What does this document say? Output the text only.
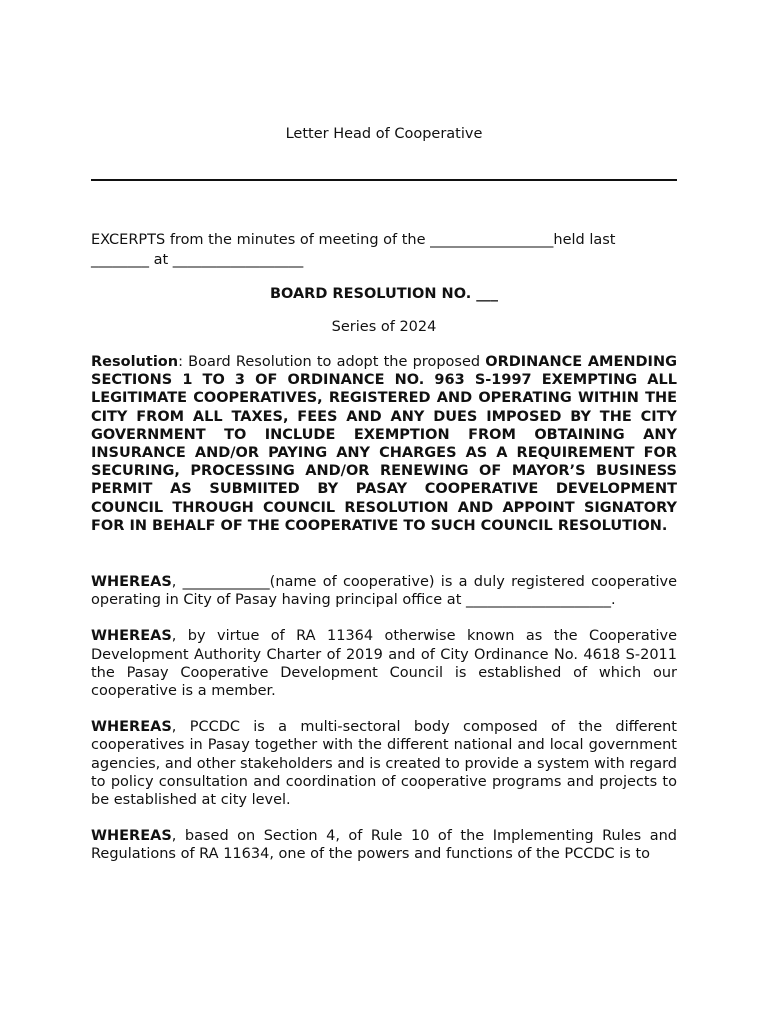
Letter Head of Cooperative

EXCERPTS from the minutes of meeting of the _________________held last
________ at __________________

BOARD RESOLUTION NO. ___

Series of 2024

Resolution: Board Resolution to adopt the proposed ORDINANCE AMENDING SECTIONS 1 TO 3 OF ORDINANCE NO. 963 S-1997 EXEMPTING ALL LEGITIMATE COOPERATIVES, REGISTERED AND OPERATING WITHIN THE CITY FROM ALL TAXES, FEES AND ANY DUES IMPOSED BY THE CITY GOVERNMENT TO INCLUDE EXEMPTION FROM OBTAINING ANY INSURANCE AND/OR PAYING ANY CHARGES AS A REQUIREMENT FOR SECURING, PROCESSING AND/OR RENEWING OF MAYOR’S BUSINESS PERMIT AS SUBMIITED BY PASAY COOPERATIVE DEVELOPMENT COUNCIL THROUGH COUNCIL RESOLUTION AND APPOINT SIGNATORY FOR IN BEHALF OF THE COOPERATIVE TO SUCH COUNCIL RESOLUTION.

WHEREAS, ____________(name of cooperative) is a duly registered cooperative operating in City of Pasay having principal office at ____________________.

WHEREAS, by virtue of RA 11364 otherwise known as the Cooperative Development Authority Charter of 2019 and of City Ordinance No. 4618 S-2011 the Pasay Cooperative Development Council is established of which our cooperative is a member.

WHEREAS, PCCDC is a multi-sectoral body composed of the different cooperatives in Pasay together with the different national and local government agencies, and other stakeholders and is created to provide a system with regard to policy consultation and coordination of cooperative programs and projects to be established at city level.

WHEREAS, based on Section 4, of Rule 10 of the Implementing Rules and Regulations of RA 11634, one of the powers and functions of the PCCDC is to
